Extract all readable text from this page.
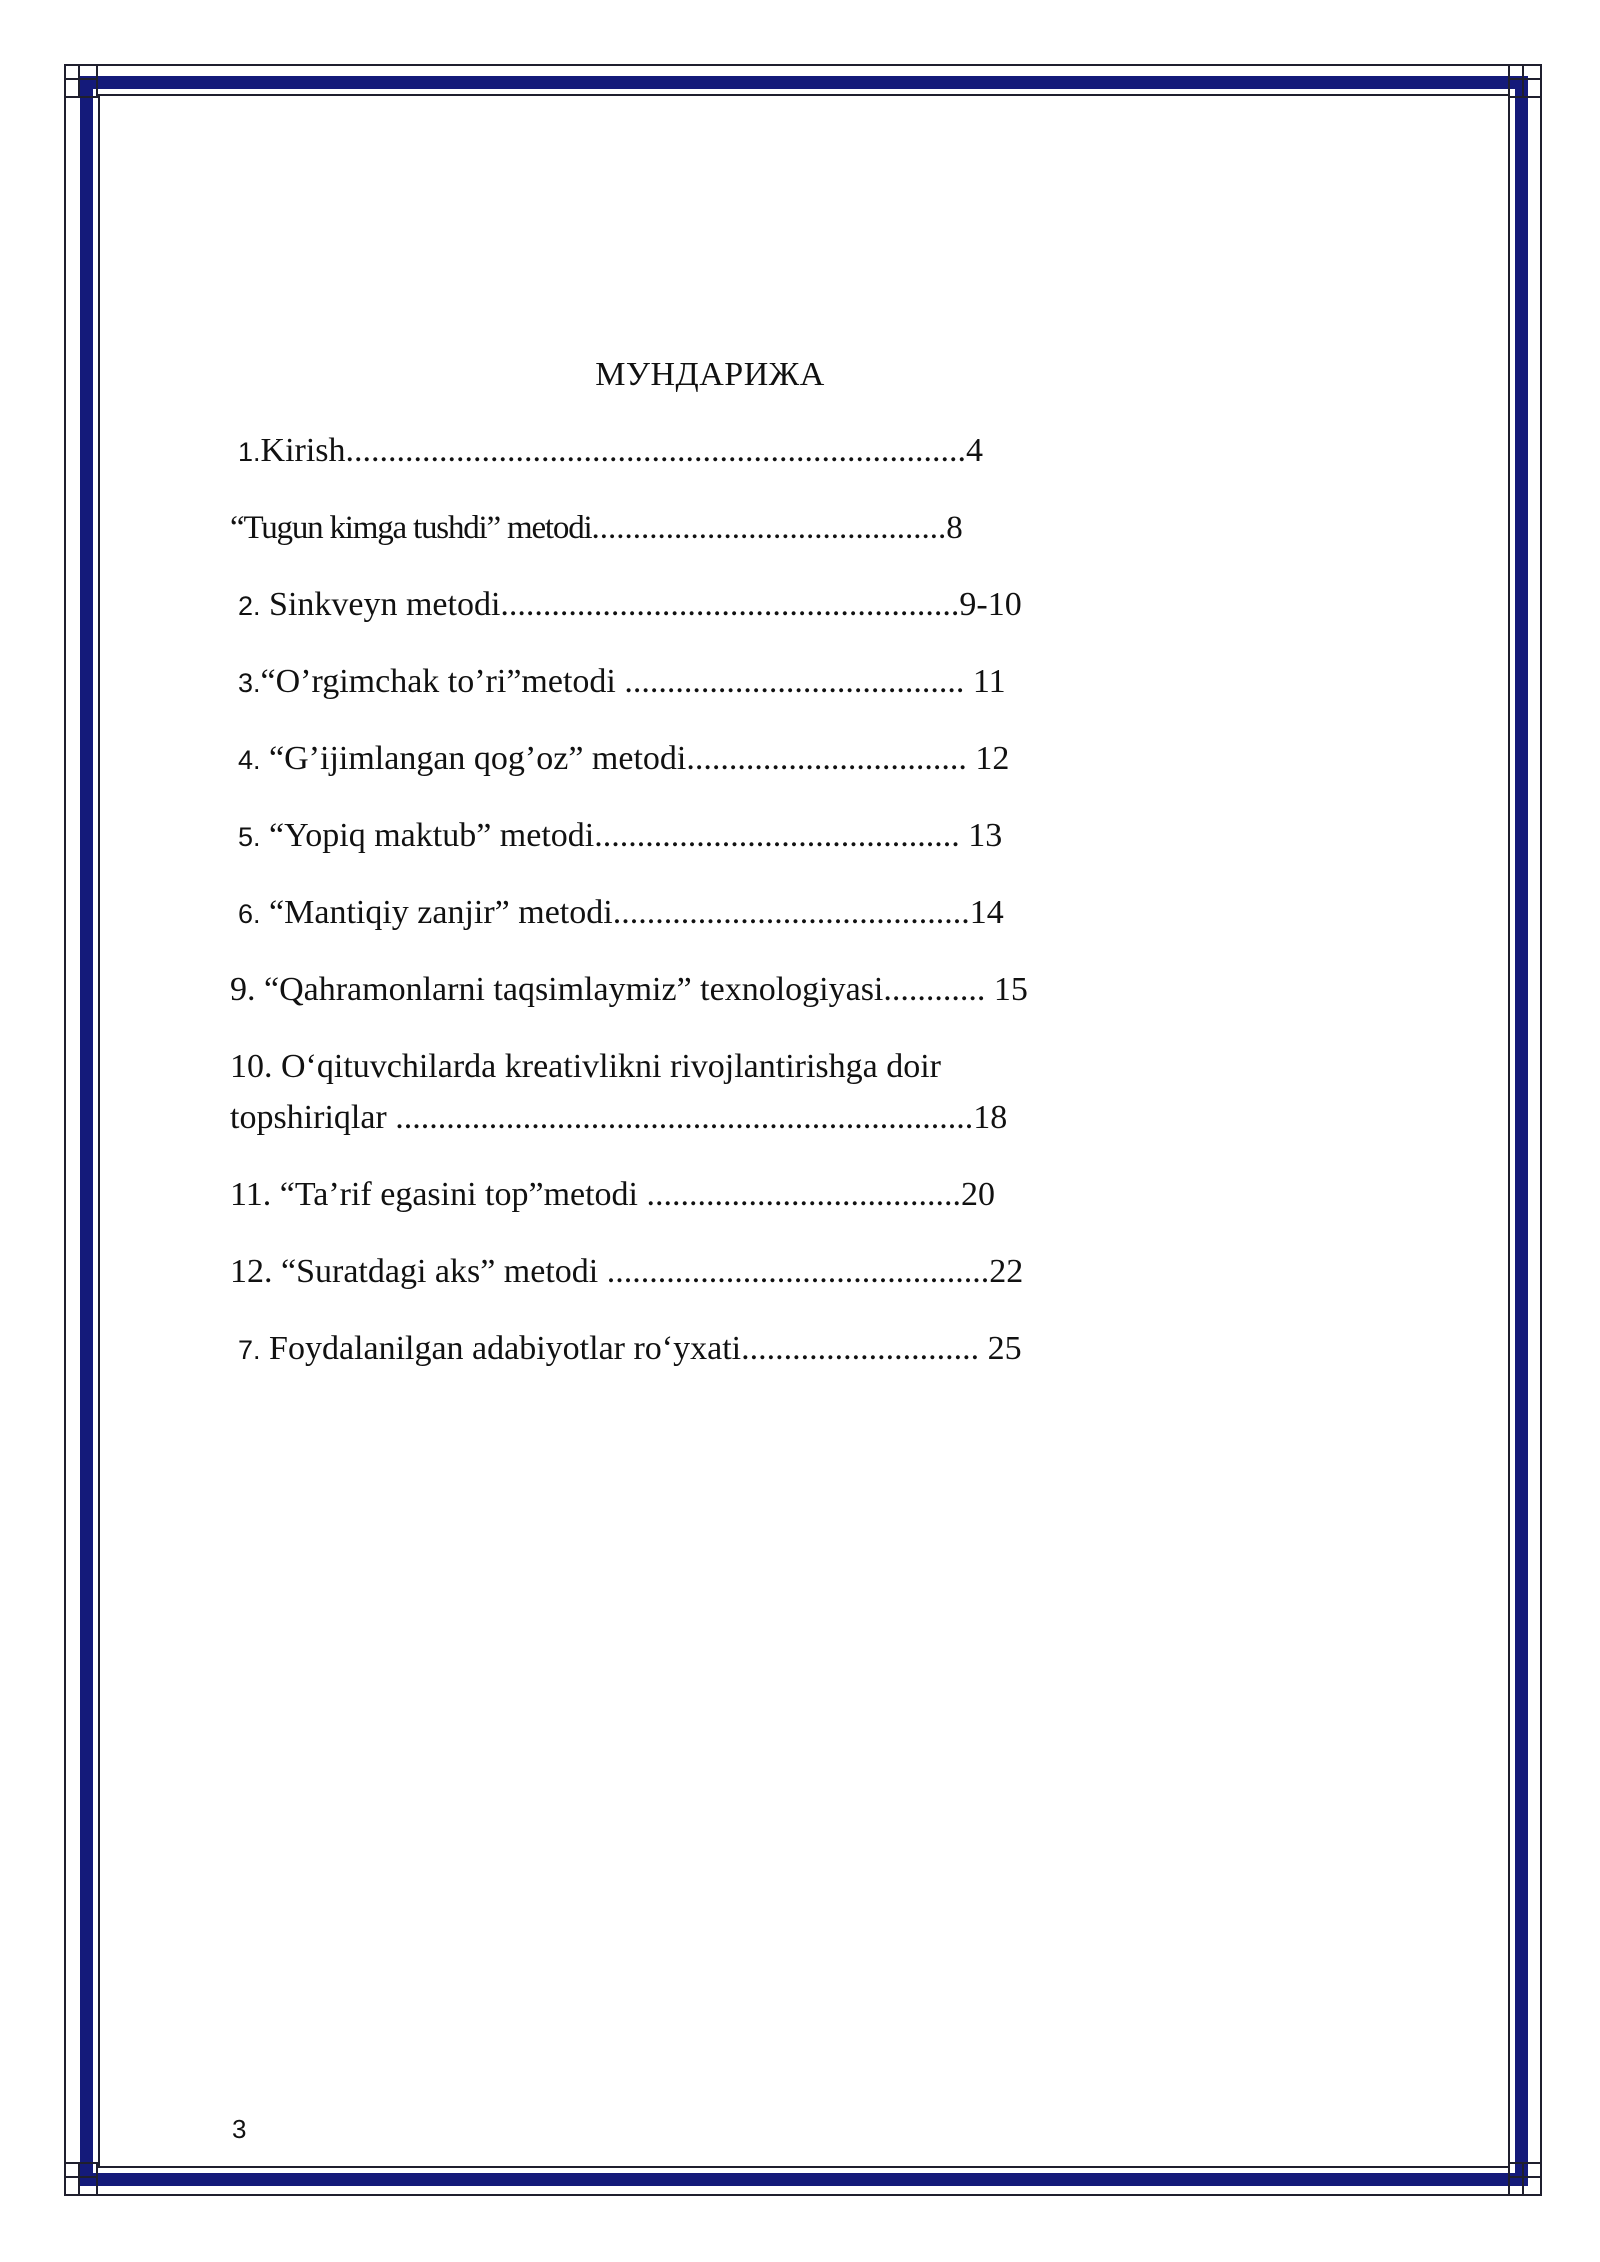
МУНДАРИЖА
1.Kirish.........................................................................4
“Tugun kimga tushdi” metodi...........................................8
2. Sinkveyn metodi......................................................9-10
3.“O’rgimchak to’ri”metodi ........................................ 11
4. “G’ijimlangan qog’oz” metodi................................. 12
5. “Yopiq maktub” metodi........................................... 13
6. “Mantiqiy zanjir” metodi..........................................14
9. “Qahramonlarni taqsimlaymiz” texnologiyasi............ 15
10. O‘qituvchilarda kreativlikni rivojlantirishga doir
topshiriqlar ....................................................................18
11. “Ta’rif egasini top”metodi .....................................20
12. “Suratdagi aks” metodi .............................................22
7. Foydalanilgan adabiyotlar ro‘yxati............................ 25
3
